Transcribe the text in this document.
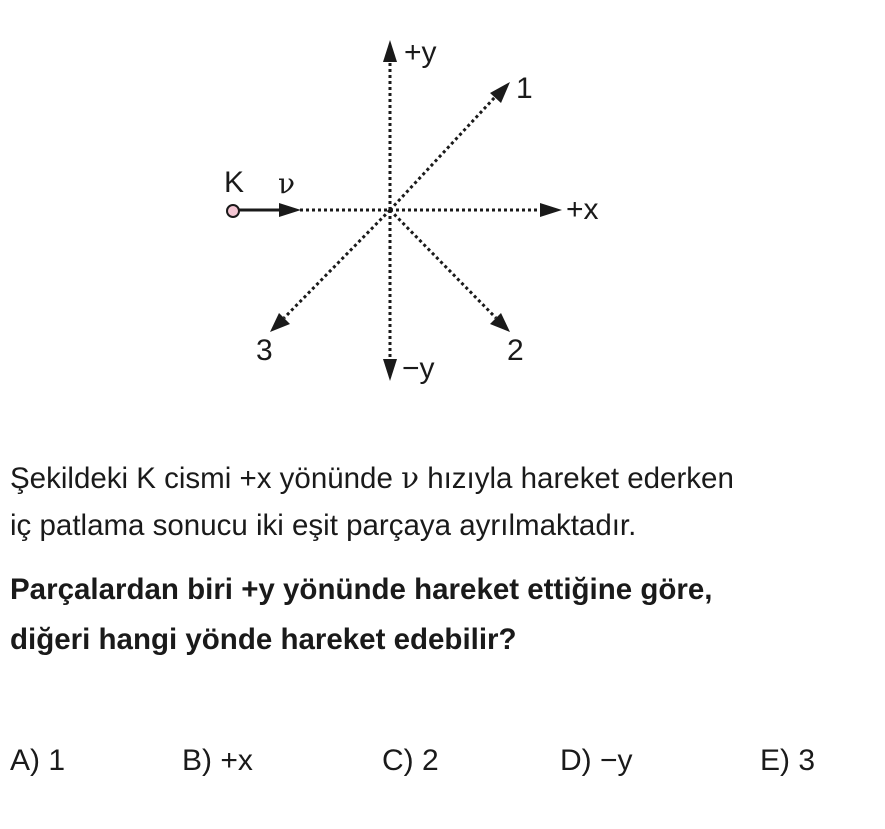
K ν
+y
−y
+x
1
2
3
Şekildeki K cismi +x yönünde ν hızıyla hareket ederken
iç patlama sonucu iki eşit parçaya ayrılmaktadır.
Parçalardan biri +y yönünde hareket ettiğine göre,
diğeri hangi yönde hareket edebilir?
A) 1	B) +x	C) 2	D) −y	E) 3
